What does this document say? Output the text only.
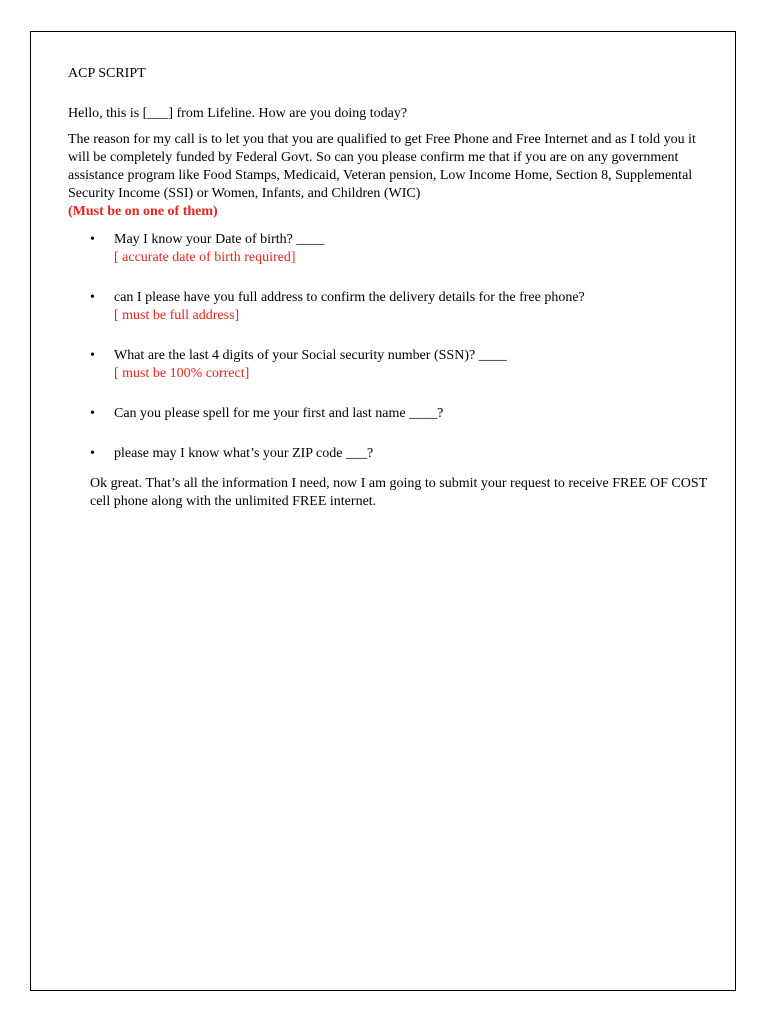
ACP SCRIPT

Hello, this is [___] from Lifeline. How are you doing today?

The reason for my call is to let you that you are qualified to get Free Phone and Free Internet and as I told you it will be completely funded by Federal Govt. So can you please confirm me that if you are on any government assistance program like Food Stamps, Medicaid, Veteran pension, Low Income Home, Section 8, Supplemental Security Income (SSI) or Women, Infants, and Children (WIC)

(Must be on one of them)

• May I know your Date of birth? ____
[ accurate date of birth required]
• can I please have you full address to confirm the delivery details for the free phone?
[ must be full address]
• What are the last 4 digits of your Social security number (SSN)? ____
[ must be 100% correct]
• Can you please spell for me your first and last name ____?
• please may I know what’s your ZIP code ___?

Ok great. That’s all the information I need, now I am going to submit your request to receive FREE OF COST cell phone along with the unlimited FREE internet.
